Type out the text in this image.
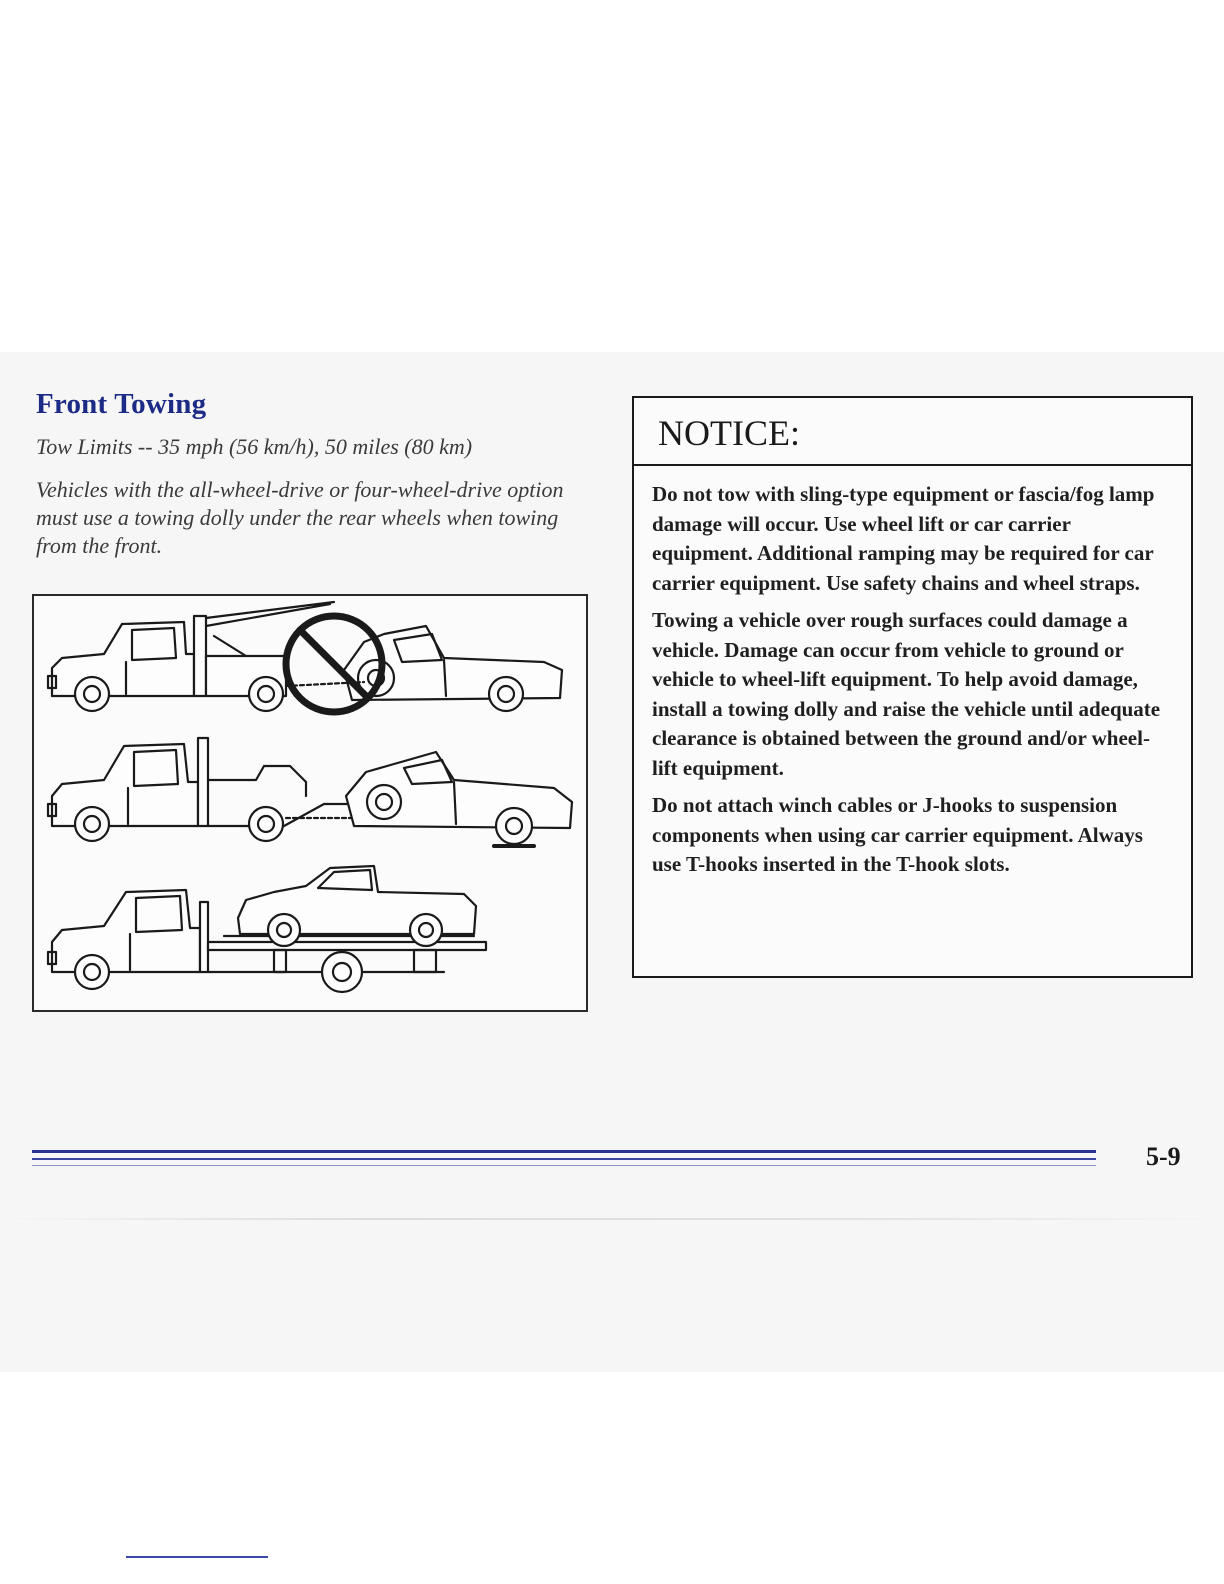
Front Towing

Tow Limits -- 35 mph (56 km/h), 50 miles (80 km)

Vehicles with the all-wheel-drive or four-wheel-drive option must use a towing dolly under the rear wheels when towing from the front.

NOTICE:

Do not tow with sling-type equipment or fascia/fog lamp damage will occur. Use wheel lift or car carrier equipment. Additional ramping may be required for car carrier equipment. Use safety chains and wheel straps.

Towing a vehicle over rough surfaces could damage a vehicle. Damage can occur from vehicle to ground or vehicle to wheel-lift equipment. To help avoid damage, install a towing dolly and raise the vehicle until adequate clearance is obtained between the ground and/or wheel-lift equipment.

Do not attach winch cables or J-hooks to suspension components when using car carrier equipment. Always use T-hooks inserted in the T-hook slots.

5-9
